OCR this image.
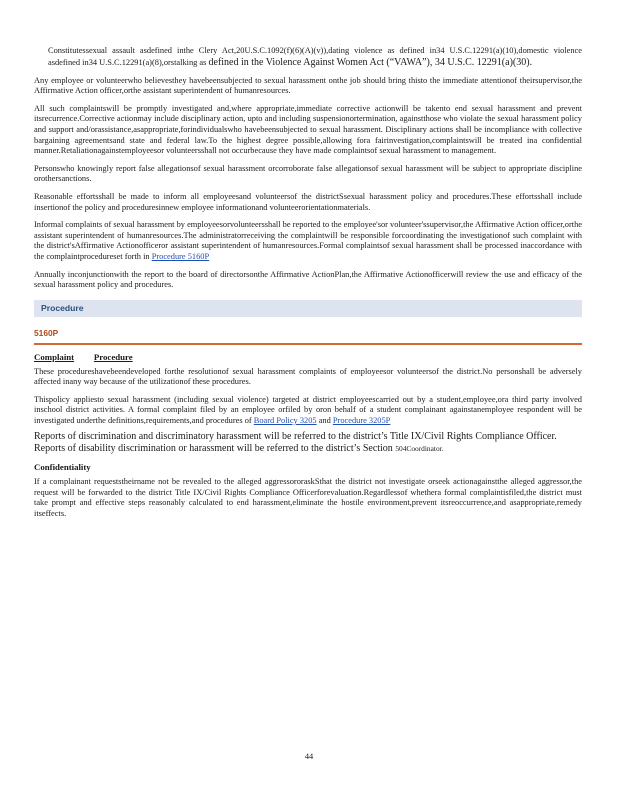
Constitutessexual assault asdefined inthe Clery Act,20U.S.C.1092(f)(6)(A)(v)),dating violence as defined in34 U.S.C.12291(a)(10),domestic violence asdefined in34 U.S.C.12291(a)(8),orstalking as defined in the Violence Against Women Act (“VAWA”), 34 U.S.C. 12291(a)(30).

Any employee or volunteerwho believesthey havebeensubjected to sexual harassment onthe job should bring thisto the immediate attentionof theirsupervisor,the Affirmative Action officer,orthe assistant superintendent of humanresources.

All such complaintswill be promptly investigated and,where appropriate,immediate corrective actionwill be takento end sexual harassment and prevent itsrecurrence.Corrective actionmay include disciplinary action, upto and including suspensionortermination, againstthose who violate the sexual harassment policy and support and/orassistance,asappropriate,forindividualswho havebeensubjected to sexual harassment. Disciplinary actions shall be incompliance with collective bargaining agreementsand state and federal law.To the highest degree possible,allowing fora fairinvestigation,complaintswill be treated ina confidential manner.Retaliationagainstemployeesor volunteersshall not occurbecause they have made complaintsof sexual harassment to management.

Personswho knowingly report false allegationsof sexual harassment orcorroborate false allegationsof sexual harassment will be subject to appropriate discipline orothersanctions.

Reasonable effortsshall be made to inform all employeesand volunteersof the districtSsexual harassment policy and procedures.These effortsshall include insertionof the policy and proceduresinnew employee informationand volunteerorientationmaterials.

Informal complaints of sexual harassment by employeesorvolunteersshall be reported to the employee'sor volunteer'ssupervisor,the Affirmative Action officer,orthe assistant superintendent of humanresources.The administratorreceiving the complaintwill be responsible forcoordinating the investigationof such complaint with the district'sAffirmative Actionofficeror assistant superintendent of humanresources.Formal complaintsof sexual harassment shall be processed inaccordance with the complaintprocedureset forth in Procedure 5160P

Annually inconjunctionwith the report to the board of directorsonthe Affirmative ActionPlan,the Affirmative Actionofficerwill review the use and efficacy of the sexual harassment policy and procedures.

Procedure
5160P
Complaint Procedure

These procedureshavebeendeveloped forthe resolutionof sexual harassment complaints of employeesor volunteersof the district.No personshall be adversely affected inany way because of the utilizationof these procedures.

Thispolicy appliesto sexual harassment (including sexual violence) targeted at district employeescarried out by a student,employee,ora third party involved inschool district activities. A formal complaint filed by an employee orfiled by oron behalf of a student complainant againstanemployee respondent will be investigated underthe definitions,requirements,and procedures of Board Policy 3205 and Procedure 3205P

Reports of discrimination and discriminatory harassment will be referred to the district’s Title IX/Civil Rights Compliance Officer. Reports of disability discrimination or harassment will be referred to the district’s Section 504Coordinator.

Confidentiality

If a complainant requeststheirname not be revealed to the alleged aggressororaskSthat the district not investigate orseek actionagainstthe alleged aggressor,the request will be forwarded to the district Title IX/Civil Rights Compliance Officerforevaluation.Regardlessof whethera formal complaintisfiled,the district must take prompt and effective steps reasonably calculated to end harassment,eliminate the hostile environment,prevent itsreoccurrence,and asappropriate,remedy itseffects.

44
